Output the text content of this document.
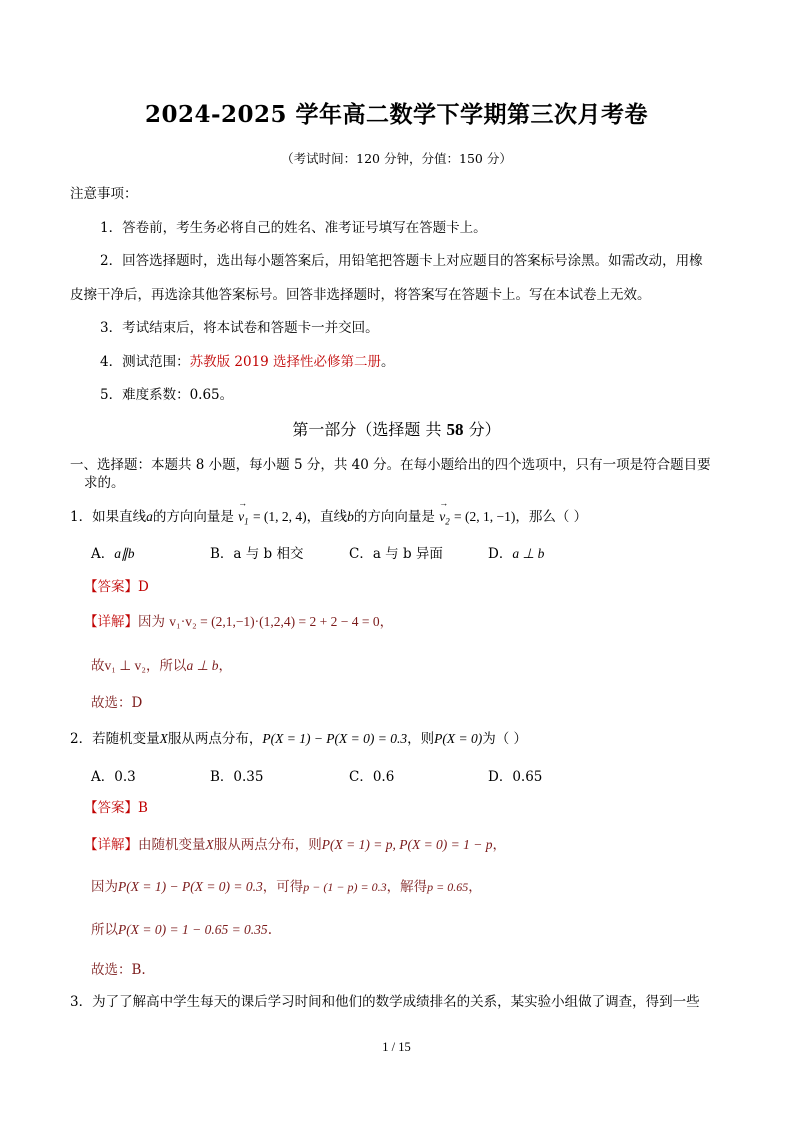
2024-2025 学年高二数学下学期第三次月考卷
（考试时间：120 分钟，分值：150 分）
注意事项：
1．答卷前，考生务必将自己的姓名、准考证号填写在答题卡上。
2．回答选择题时，选出每小题答案后，用铅笔把答题卡上对应题目的答案标号涂黑。如需改动，用橡
皮擦干净后，再选涂其他答案标号。回答非选择题时，将答案写在答题卡上。写在本试卷上无效。
3．考试结束后，将本试卷和答题卡一并交回。
4．测试范围：苏教版 2019 选择性必修第二册。
5．难度系数：0.65。
第一部分（选择题 共 58 分）
一、选择题：本题共 8 小题，每小题 5 分，共 40 分。在每小题给出的四个选项中，只有一项是符合题目要
求的。
1．如果直线a的方向向量是 → $v_1 = (1$, 2, 4)，直线b的方向向量是 → $v_2 = (2$, 1, −1)，那么（ ）
A．a∥b	B．a 与 b 相交	C．a 与 b 异面	D．a ⊥ b
【答案】D
【详解】因为 v₁·v₂ = (2,1,−1)·(1,2,4) = 2 + 2 − 4 = 0，
故v₁ ⊥ v₂，所以a ⊥ b，
故选：D
2．若随机变量X服从两点分布，P(X = 1) − P(X = 0) = 0.3，则P(X = 0)为（ ）
A．0.3	B．0.35	C．0.6	D．0.65
【答案】B
【详解】由随机变量X服从两点分布，则P(X = 1) = p, P(X = 0) = 1 − p，
因为P(X = 1) − P(X = 0) = 0.3，可得p − (1 − p) = 0.3，解得p = 0.65，
所以P(X = 0) = 1 − 0.65 = 0.35.
故选：B.
3．为了了解高中学生每天的课后学习时间和他们的数学成绩排名的关系，某实验小组做了调查，得到一些
1 / 15
